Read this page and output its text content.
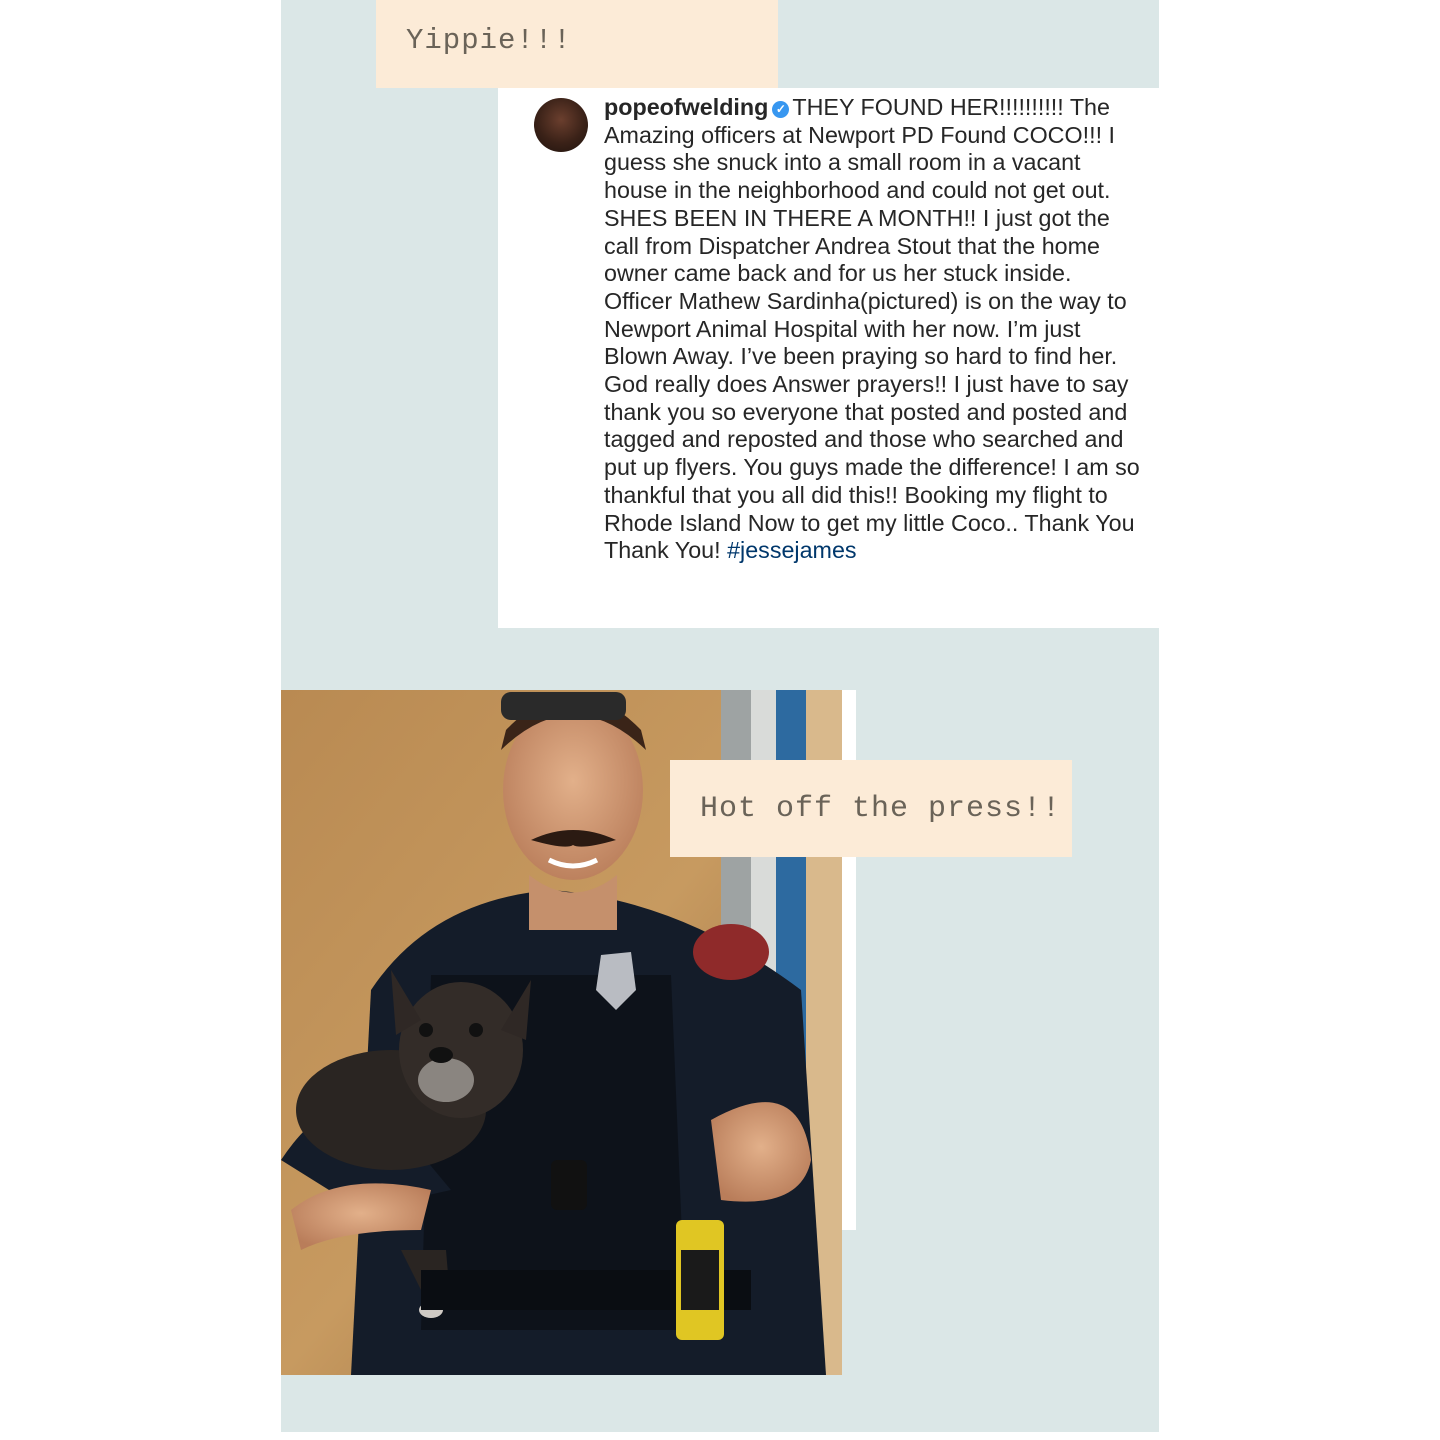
Yippie!!!
popeofwelding ✓ THEY FOUND HER!!!!!!!!!! The Amazing officers at Newport PD Found COCO!!! I guess she snuck into a small room in a vacant house in the neighborhood and could not get out. SHES BEEN IN THERE A MONTH!! I just got the call from Dispatcher Andrea Stout that the home owner came back and for us her stuck inside. Officer Mathew Sardinha(pictured) is on the way to Newport Animal Hospital with her now. I’m just Blown Away. I’ve been praying so hard to find her. God really does Answer prayers!! I just have to say thank you so everyone that posted and posted and tagged and reposted and those who searched and put up flyers. You guys made the difference! I am so thankful that you all did this!! Booking my flight to Rhode Island Now to get my little Coco.. Thank You Thank You! #jessejames
Hot off the press!!
